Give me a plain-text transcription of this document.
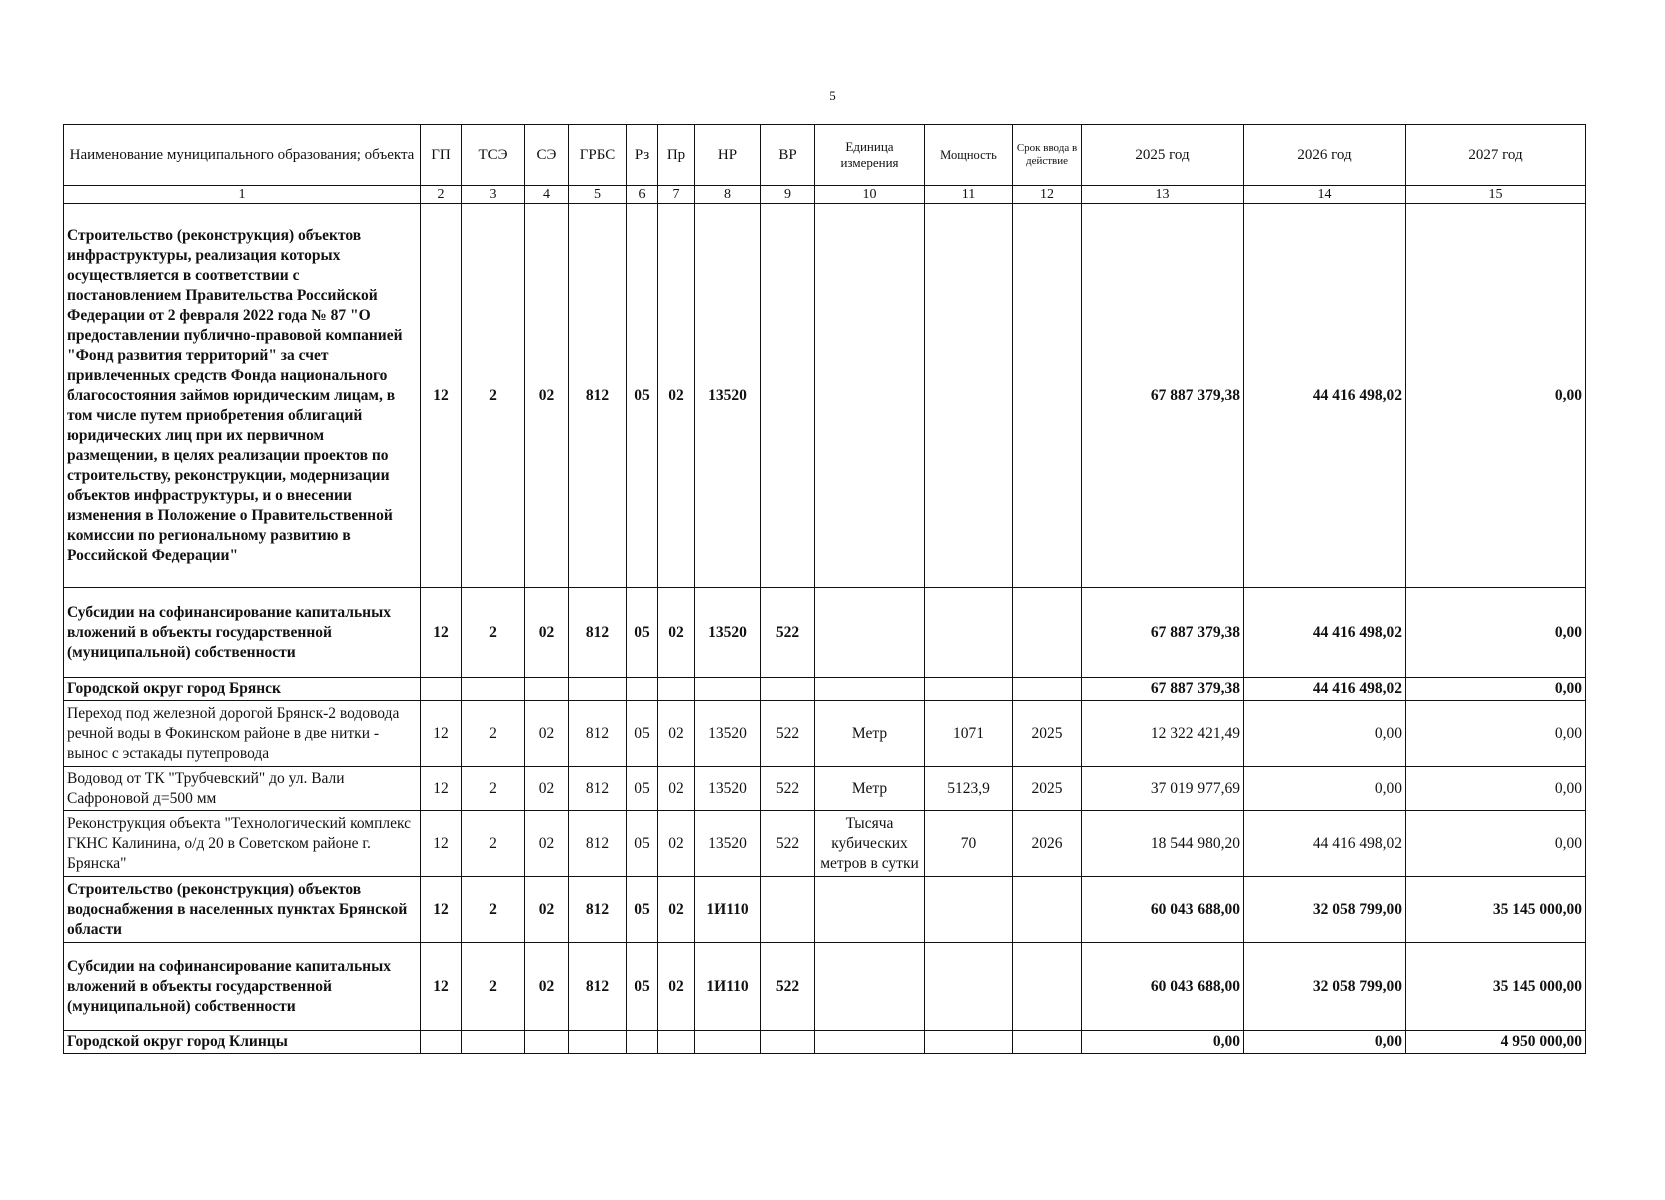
5
Наименование муниципального образования; объекта	ГП	ТСЭ	СЭ	ГРБС	Рз	Пр	НР	ВР	Единица измерения	Мощность	Срок ввода в действие	2025 год	2026 год	2027 год
1	2	3	4	5	6	7	8	9	10	11	12	13	14	15
Строительство (реконструкция) объектов инфраструктуры, реализация которых осуществляется в соответствии с постановлением Правительства Российской Федерации от 2 февраля 2022 года № 87 "О предоставлении публично-правовой компанией "Фонд развития территорий" за счет привлеченных средств Фонда национального благосостояния займов юридическим лицам, в том числе путем приобретения облигаций юридических лиц при их первичном размещении, в целях реализации проектов по строительству, реконструкции, модернизации объектов инфраструктуры, и о внесении изменения в Положение о Правительственной комиссии по региональному развитию в Российской Федерации"	12	2	02	812	05	02	13520					67 887 379,38	44 416 498,02	0,00
Субсидии на софинансирование капитальных вложений в объекты государственной (муниципальной) собственности	12	2	02	812	05	02	13520	522				67 887 379,38	44 416 498,02	0,00
Городской округ город Брянск												67 887 379,38	44 416 498,02	0,00
Переход под железной дорогой Брянск-2 водовода речной воды в Фокинском районе в две нитки - вынос с эстакады путепровода	12	2	02	812	05	02	13520	522	Метр	1071	2025	12 322 421,49	0,00	0,00
Водовод от ТК "Трубчевский" до ул. Вали Сафроновой д=500 мм	12	2	02	812	05	02	13520	522	Метр	5123,9	2025	37 019 977,69	0,00	0,00
Реконструкция объекта "Технологический комплекс ГКНС Калинина, о/д 20 в Советском районе г. Брянска"	12	2	02	812	05	02	13520	522	Тысяча кубических метров в сутки	70	2026	18 544 980,20	44 416 498,02	0,00
Строительство (реконструкция) объектов водоснабжения в населенных пунктах Брянской области	12	2	02	812	05	02	1И110					60 043 688,00	32 058 799,00	35 145 000,00
Субсидии на софинансирование капитальных вложений в объекты государственной (муниципальной) собственности	12	2	02	812	05	02	1И110	522				60 043 688,00	32 058 799,00	35 145 000,00
Городской округ город Клинцы												0,00	0,00	4 950 000,00
